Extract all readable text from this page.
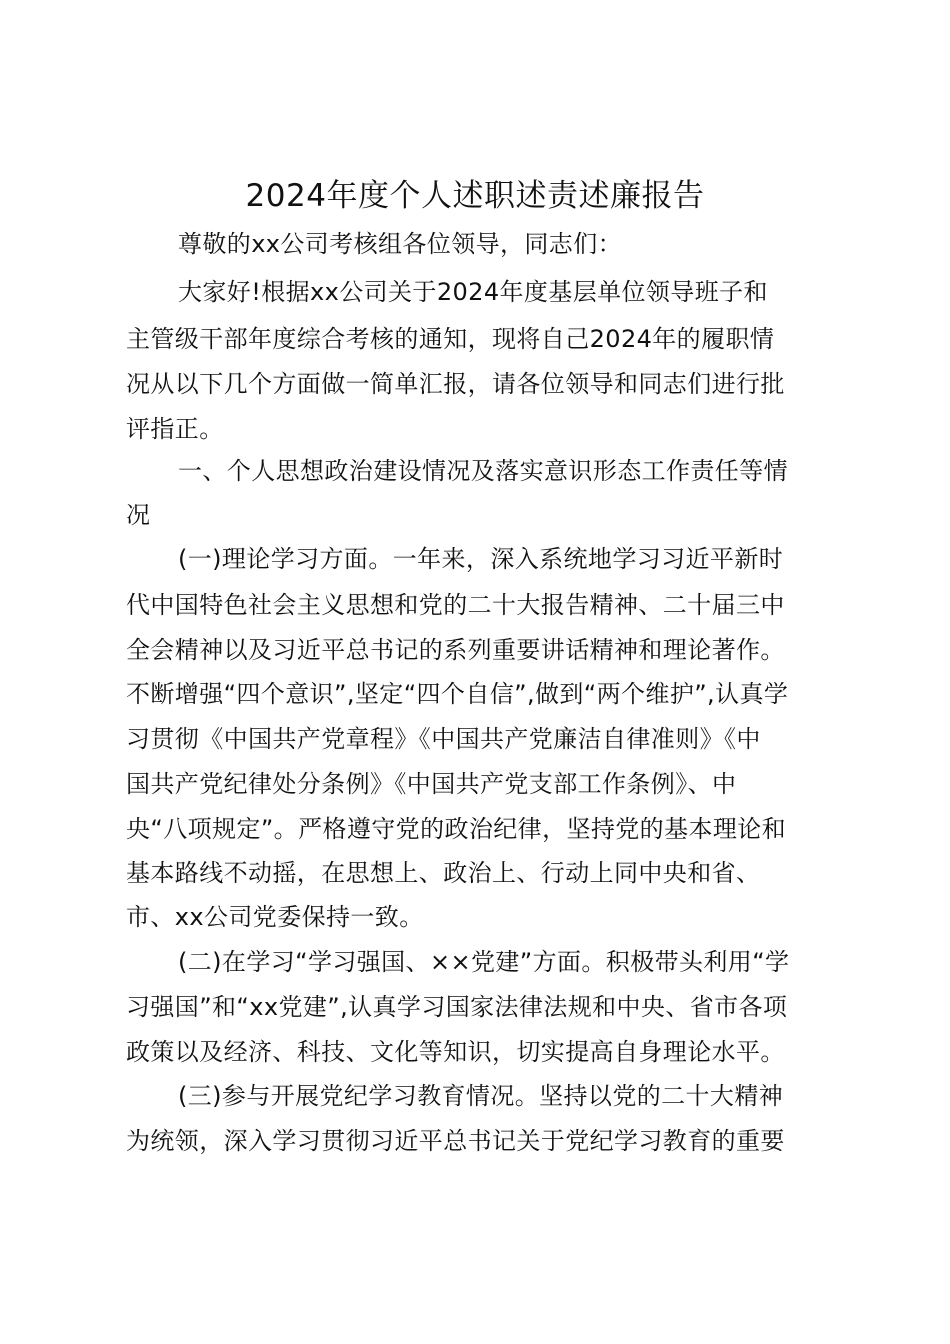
2024年度个人述职述责述廉报告

尊敬的xx公司考核组各位领导，同志们：

大家好!根据xx公司关于2024年度基层单位领导班子和

主管级干部年度综合考核的通知，现将自己2024年的履职情

况从以下几个方面做一简单汇报，请各位领导和同志们进行批

评指正。

一、个人思想政治建设情况及落实意识形态工作责任等情

况

(一)理论学习方面。一年来，深入系统地学习习近平新时

代中国特色社会主义思想和党的二十大报告精神、二十届三中

全会精神以及习近平总书记的系列重要讲话精神和理论著作。

不断增强“四个意识”,坚定“四个自信”,做到“两个维护”,认真学

习贯彻《中国共产党章程》《中国共产党廉洁自律准则》《中

国共产党纪律处分条例》《中国共产党支部工作条例》、中

央“八项规定”。严格遵守党的政治纪律，坚持党的基本理论和

基本路线不动摇，在思想上、政治上、行动上同中央和省、

市、xx公司党委保持一致。

(二)在学习“学习强国、××党建”方面。积极带头利用“学

习强国”和“xx党建”,认真学习国家法律法规和中央、省市各项

政策以及经济、科技、文化等知识，切实提高自身理论水平。

(三)参与开展党纪学习教育情况。坚持以党的二十大精神

为统领，深入学习贯彻习近平总书记关于党纪学习教育的重要
